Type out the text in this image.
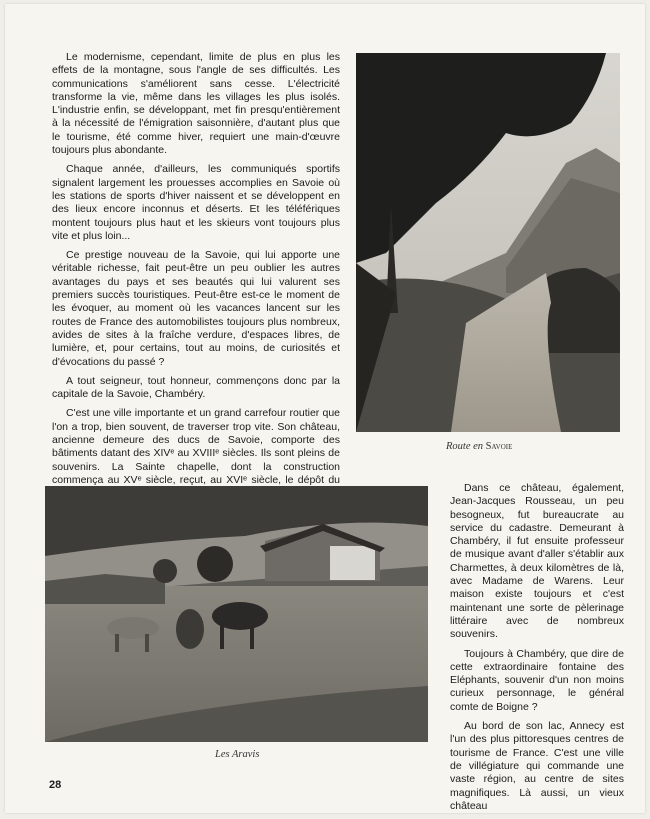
Le modernisme, cependant, limite de plus en plus les effets de la montagne, sous l'angle de ses difficultés. Les communications s'améliorent sans cesse. L'électricité transforme la vie, même dans les villages les plus isolés. L'industrie enfin, se développant, met fin presqu'entièrement à la nécessité de l'émigration saisonnière, d'autant plus que le tourisme, été comme hiver, requiert une main-d'œuvre toujours plus abondante.

Chaque année, d'ailleurs, les communiqués sportifs signalent largement les prouesses accomplies en Savoie où les stations de sports d'hiver naissent et se développent en des lieux encore inconnus et déserts. Et les téléfériques montent toujours plus haut et les skieurs vont toujours plus vite et plus loin...

Ce prestige nouveau de la Savoie, qui lui apporte une véritable richesse, fait peut-être un peu oublier les autres avantages du pays et ses beautés qui lui valurent ses premiers succès touristiques. Peut-être est-ce le moment de les évoquer, au moment où les vacances lancent sur les routes de France des automobilistes toujours plus nombreux, avides de sites à la fraîche verdure, d'espaces libres, de lumière, et, pour certains, tout au moins, de curiosités et d'évocations du passé ?

A tout seigneur, tout honneur, commençons donc par la capitale de la Savoie, Chambéry.

C'est une ville importante et un grand carrefour routier que l'on a trop, bien souvent, de traverser trop vite. Son château, ancienne demeure des ducs de Savoie, comporte des bâtiments datant des XIVᵉ au XVIIIᵉ siècles. Ils sont pleins de souvenirs. La Sainte chapelle, dont la construction commença au XVᵉ siècle, reçut, au XVIᵉ siècle, le dépôt du

Route en Savoie
Les Aravis

Dans ce château, également, Jean-Jacques Rousseau, un peu besogneux, fut bureaucrate au service du cadastre. Demeurant à Chambéry, il fut ensuite professeur de musique avant d'aller s'établir aux Charmettes, à deux kilomètres de là, avec Madame de Warens. Leur maison existe toujours et c'est maintenant une sorte de pèlerinage littéraire avec de nombreux souvenirs.

Toujours à Chambéry, que dire de cette extraordinaire fontaine des Eléphants, souvenir d'un non moins curieux personnage, le général comte de Boigne ?

Au bord de son lac, Annecy est l'un des plus pittoresques centres de tourisme de France. C'est une ville de villégiature qui commande une vaste région, au centre de sites magnifiques. Là aussi, un vieux château

28
